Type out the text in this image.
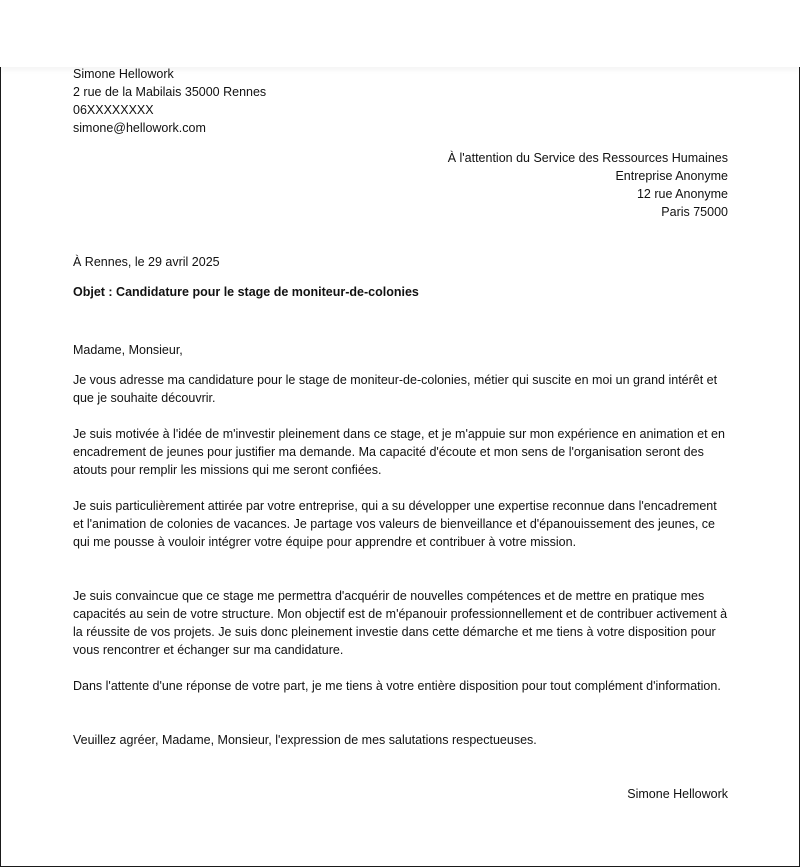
Simone Hellowork
2 rue de la Mabilais 35000 Rennes
06XXXXXXXX
simone@hellowork.com
À l'attention du Service des Ressources Humaines
Entreprise Anonyme
12 rue Anonyme
Paris 75000
À Rennes, le 29 avril 2025
Objet : Candidature pour le stage de moniteur-de-colonies
Madame, Monsieur,

Je vous adresse ma candidature pour le stage de moniteur-de-colonies, métier qui suscite en moi un grand intérêt et que je souhaite découvrir.

Je suis motivée à l'idée de m'investir pleinement dans ce stage, et je m'appuie sur mon expérience en animation et en encadrement de jeunes pour justifier ma demande. Ma capacité d'écoute et mon sens de l'organisation seront des atouts pour remplir les missions qui me seront confiées.

Je suis particulièrement attirée par votre entreprise, qui a su développer une expertise reconnue dans l'encadrement et l'animation de colonies de vacances. Je partage vos valeurs de bienveillance et d'épanouissement des jeunes, ce qui me pousse à vouloir intégrer votre équipe pour apprendre et contribuer à votre mission.

Je suis convaincue que ce stage me permettra d'acquérir de nouvelles compétences et de mettre en pratique mes capacités au sein de votre structure. Mon objectif est de m'épanouir professionnellement et de contribuer activement à la réussite de vos projets. Je suis donc pleinement investie dans cette démarche et me tiens à votre disposition pour vous rencontrer et échanger sur ma candidature.

Dans l'attente d'une réponse de votre part, je me tiens à votre entière disposition pour tout complément d'information.

Veuillez agréer, Madame, Monsieur, l'expression de mes salutations respectueuses.
Simone Hellowork
